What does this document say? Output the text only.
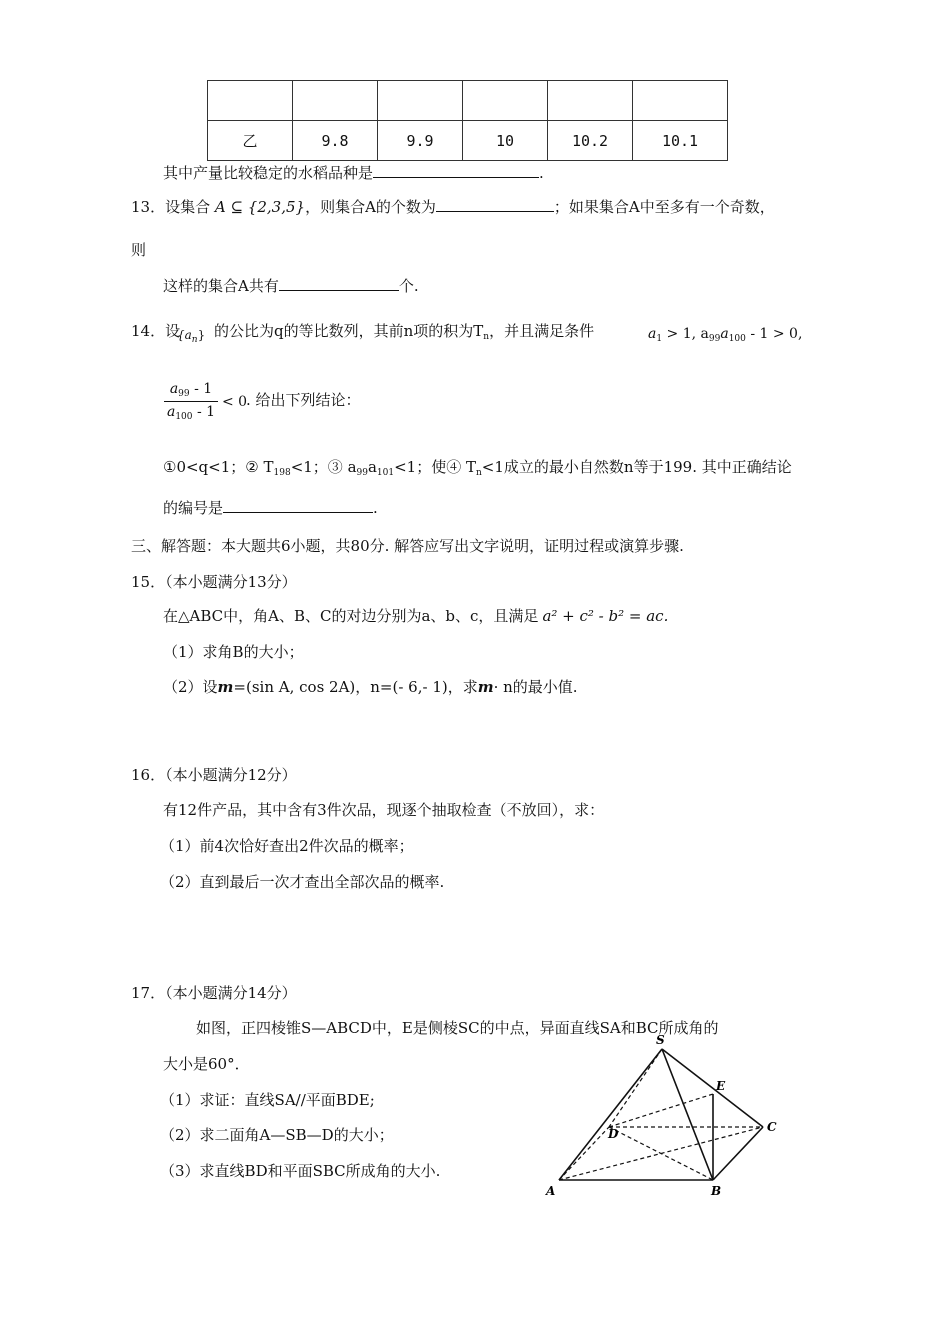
乙	9.8	9.9	10	10.2	10.1
其中产量比较稳定的水稻品种是	.
13．设集合 A ⊆ {2,3,5}，则集合A的个数为	；如果集合A中至多有一个奇数，
则
这样的集合A共有	个.
14．设
$\{a_n\}$ 的公比为q的等比数列，其前n项的积为$T_n$，并且满足条件	$a_1 > 1$, $a_{99}a_{100} - 1 > 0$,
$a_{99} - 1$
$a_{100} - 1$
< 0
. 给出下列结论：
①0<q<1；② $T_{198}<1$；③ $a_{99}a_{101}<1$；使④ $T_n<1$成立的最小自然数n等于199. 其中正确结论
的编号是	.
三、解答题：本大题共6小题，共80分. 解答应写出文字说明，证明过程或演算步骤.
15．（本小题满分13分）
在△ABC中，角A、B、C的对边分别为a、b、c，且满足 a² + c² - b² = ac.
（1）求角B的大小；
（2）设m=(sin A, cos 2A)，n=(- 6,- 1)，求m· n的最小值.
16．（本小题满分12分）
有12件产品，其中含有3件次品，现逐个抽取检查（不放回），求：
（1）前4次恰好查出2件次品的概率；
（2）直到最后一次才查出全部次品的概率.
17．（本小题满分14分）
如图，正四棱锥S—ABCD中，E是侧棱SC的中点，异面直线SA和BC所成角的
大小是60°．
（1）求证：直线SA//平面BDE;
（2）求二面角A—SB—D的大小；
（3）求直线BD和平面SBC所成角的大小.
S
E
D	C
A	B
